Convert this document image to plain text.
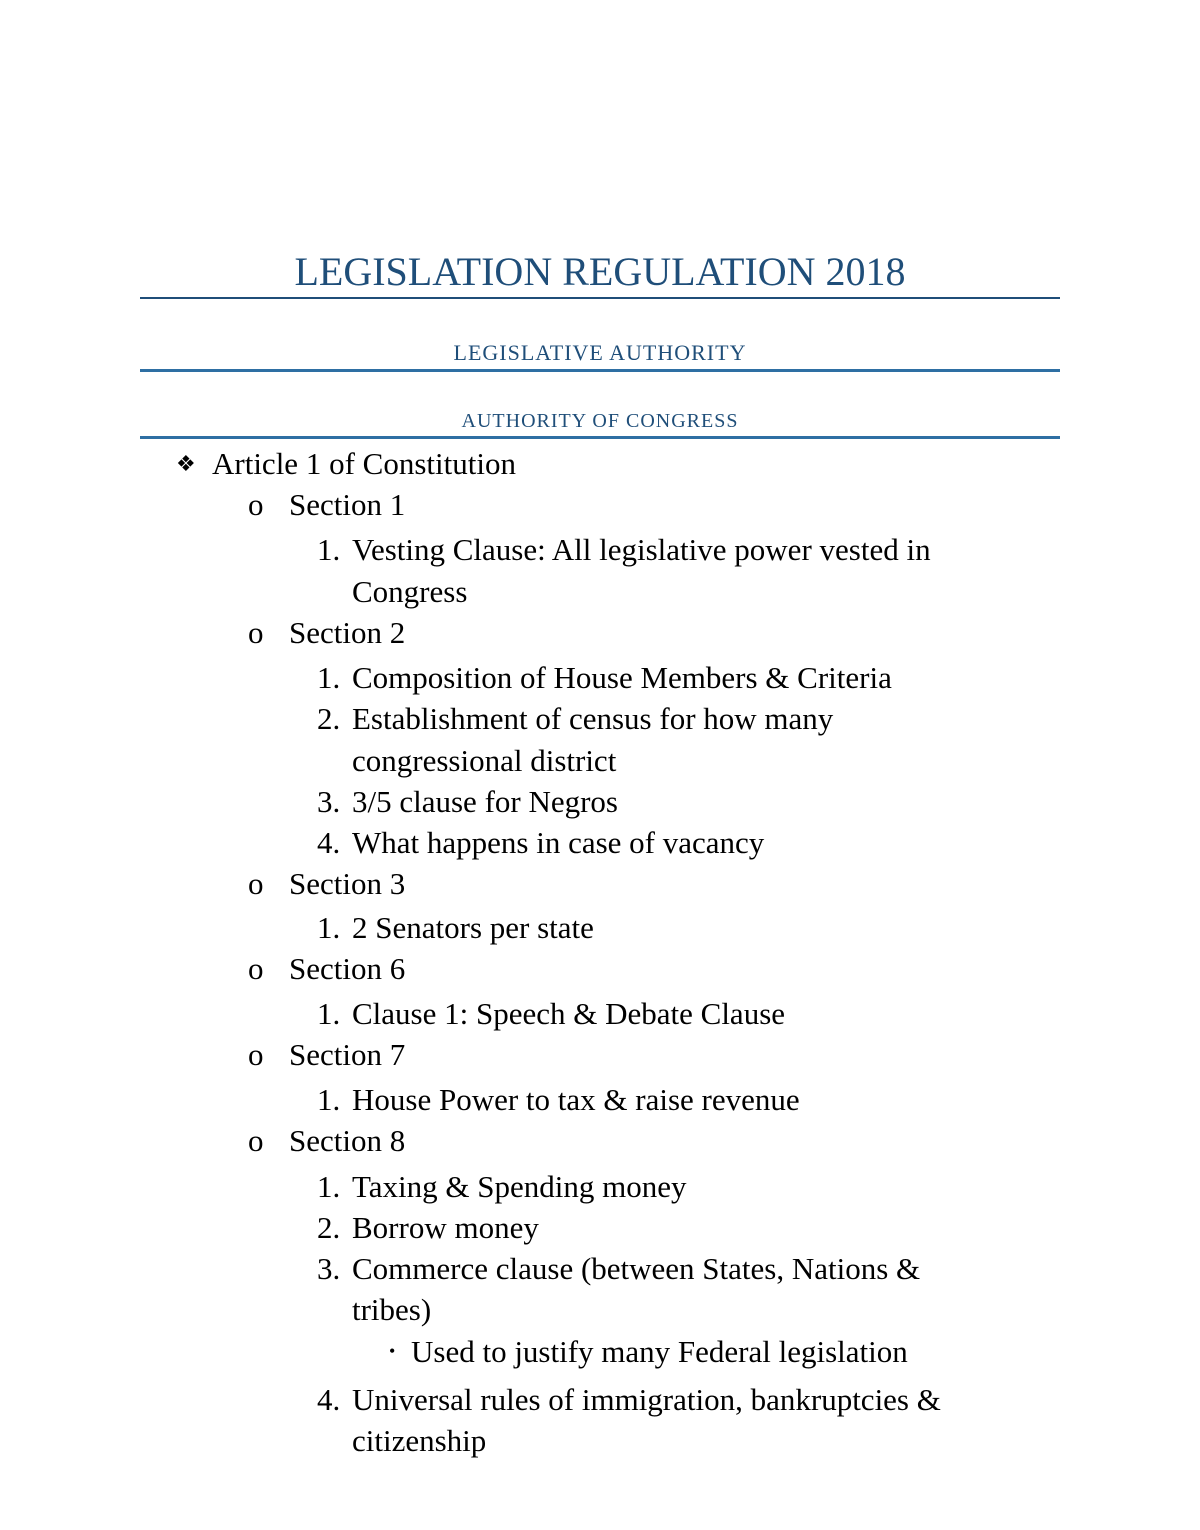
LEGISLATION REGULATION 2018
LEGISLATIVE AUTHORITY
AUTHORITY OF CONGRESS
❖ Article 1 of Constitution
o Section 1
1. Vesting Clause: All legislative power vested in
Congress
o Section 2
1. Composition of House Members & Criteria
2. Establishment of census for how many
congressional district
3. 3/5 clause for Negros
4. What happens in case of vacancy
o Section 3
1. 2 Senators per state
o Section 6
1. Clause 1: Speech & Debate Clause
o Section 7
1. House Power to tax & raise revenue
o Section 8
1. Taxing & Spending money
2. Borrow money
3. Commerce clause (between States, Nations &
tribes)
• Used to justify many Federal legislation
4. Universal rules of immigration, bankruptcies &
citizenship
